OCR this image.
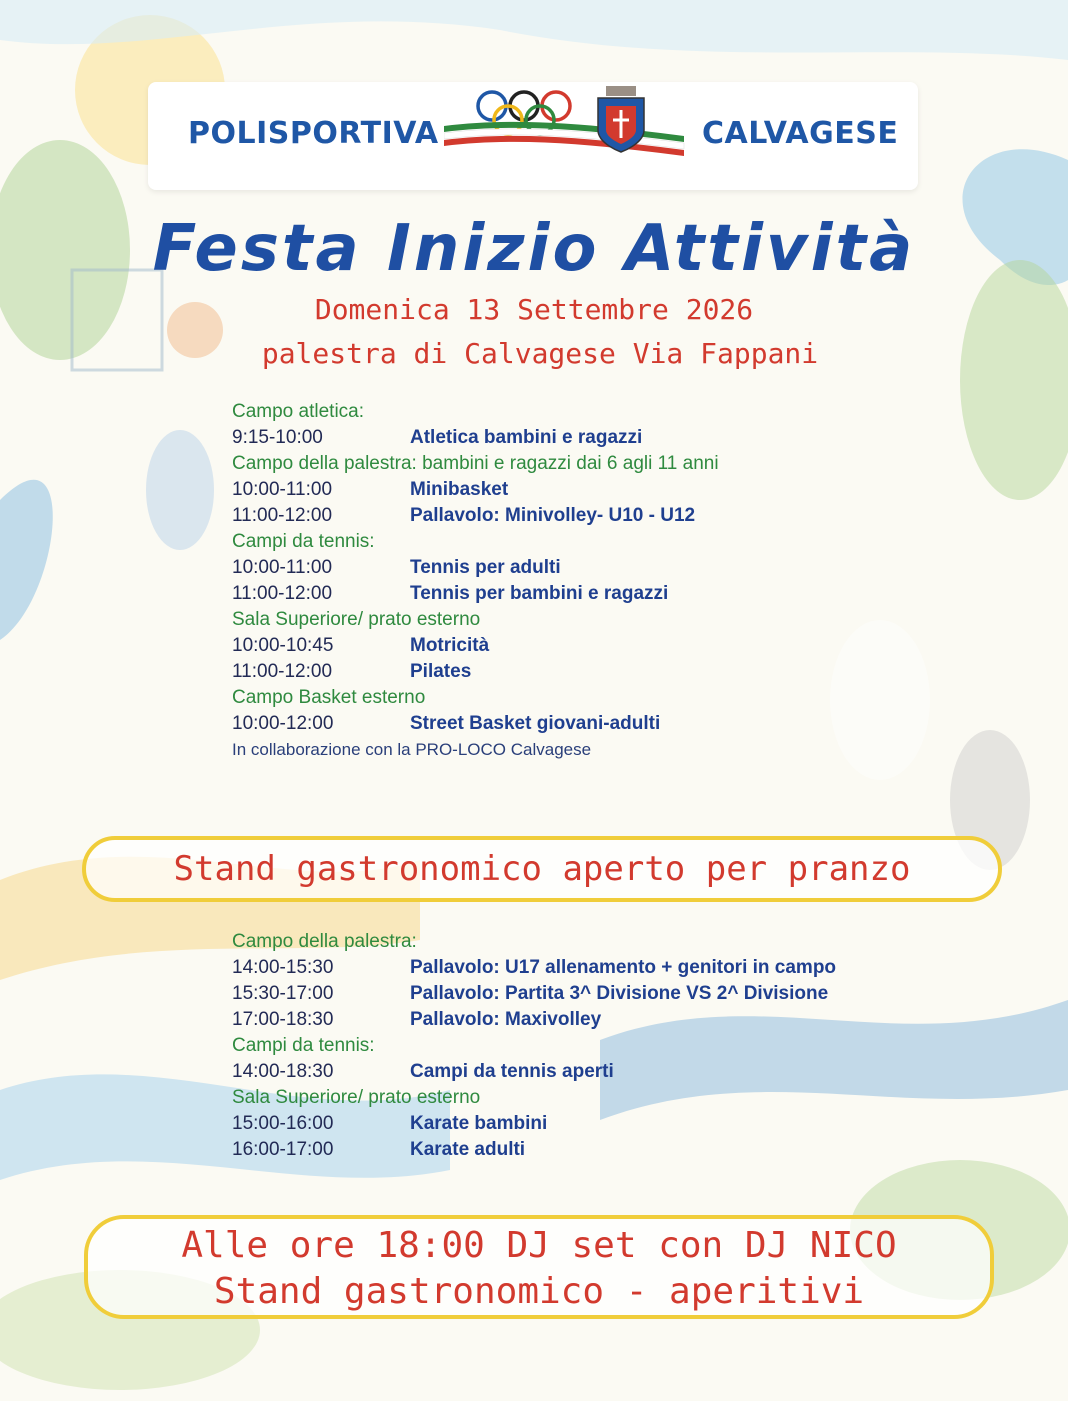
POLISPORTIVA	CALVAGESE
Festa Inizio Attività
Domenica 13 Settembre 2026
palestra di Calvagese Via Fappani
Campo atletica:
9:15-10:00	Atletica bambini e ragazzi
Campo della palestra: bambini e ragazzi dai 6 agli 11 anni
10:00-11:00	Minibasket
11:00-12:00	Pallavolo: Minivolley- U10 - U12
Campi da tennis:
10:00-11:00	Tennis per adulti
11:00-12:00	Tennis per bambini e ragazzi
Sala Superiore/ prato esterno
10:00-10:45	Motricità
11:00-12:00	Pilates
Campo Basket esterno
10:00-12:00	Street Basket giovani-adulti
In collaborazione con la PRO-LOCO Calvagese
Stand gastronomico aperto per pranzo
Campo della palestra:
14:00-15:30	Pallavolo: U17 allenamento + genitori in campo
15:30-17:00	Pallavolo: Partita 3^ Divisione VS 2^ Divisione
17:00-18:30	Pallavolo: Maxivolley
Campi da tennis:
14:00-18:30	Campi da tennis aperti
Sala Superiore/ prato esterno
15:00-16:00	Karate bambini
16:00-17:00	Karate adulti
Alle ore 18:00 DJ set con DJ NICO
Stand gastronomico - aperitivi
